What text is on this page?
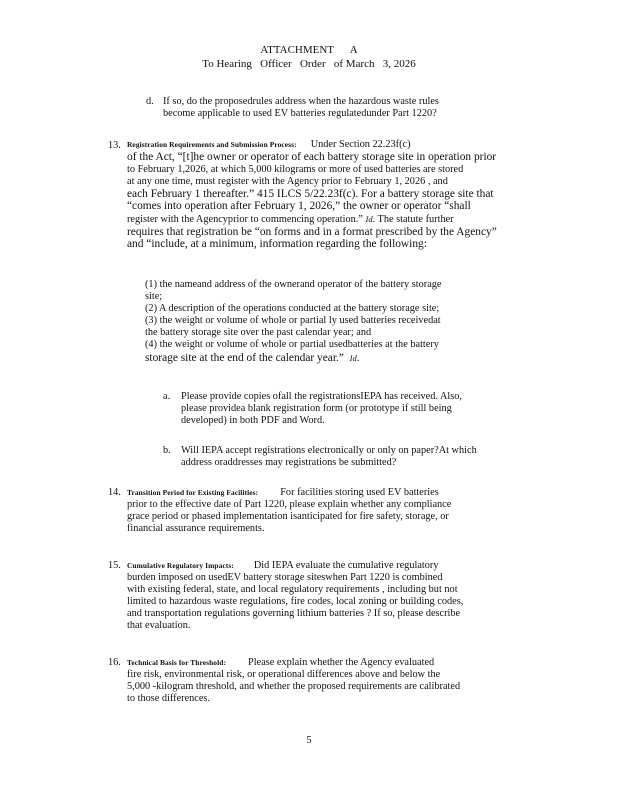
ATTACHMENT      A
To Hearing   Officer   Order   of March   3, 2026
d. If so, do the proposedrules address when the hazardous waste rules
become applicable to used EV batteries regulatedunder Part 1220?
13. Registration Requirements and Submission Process: Under Section 22.23f(c)
of the Act, “[t]he owner or operator of each battery storage site in operation prior
to February 1,2026, at which 5,000 kilograms or more of used batteries are stored
at any one time, must register with the Agency prior to February 1, 2026 , and
each February 1 thereafter.” 415 ILCS 5/22.23f(c). For a battery storage site that
“comes into operation after February 1, 2026,” the owner or operator “shall
register with the Agencyprior to commencing operation.” Id. The statute further
requires that registration be “on forms and in a format prescribed by the Agency”
and “include, at a minimum, information regarding the following:
(1) the nameand address of the ownerand operator of the battery storage
site;
(2) A description of the operations conducted at the battery storage site;
(3) the weight or volume of whole or partial ly used batteries receivedat
the battery storage site over the past calendar year; and
(4) the weight or volume of whole or partial usedbatteries at the battery
storage site at the end of the calendar year.” Id.
a. Please provide copies ofall the registrationsIEPA has received. Also,
please providea blank registration form (or prototype if still being
developed) in both PDF and Word.
b. Will IEPA accept registrations electronically or only on paper?At which
address oraddresses may registrations be submitted?
14. Transition Period for Existing Facilities: For facilities storing used EV batteries
prior to the effective date of Part 1220, please explain whether any compliance
grace period or phased implementation isanticipated for fire safety, storage, or
financial assurance requirements.
15. Cumulative Regulatory Impacts: Did IEPA evaluate the cumulative regulatory
burden imposed on usedEV battery storage siteswhen Part 1220 is combined
with existing federal, state, and local regulatory requirements , including but not
limited to hazardous waste regulations, fire codes, local zoning or building codes,
and transportation regulations governing lithium batteries ? If so, please describe
that evaluation.
16. Technical Basis for Threshold: Please explain whether the Agency evaluated
fire risk, environmental risk, or operational differences above and below the
5,000 -kilogram threshold, and whether the proposed requirements are calibrated
to those differences.
5
